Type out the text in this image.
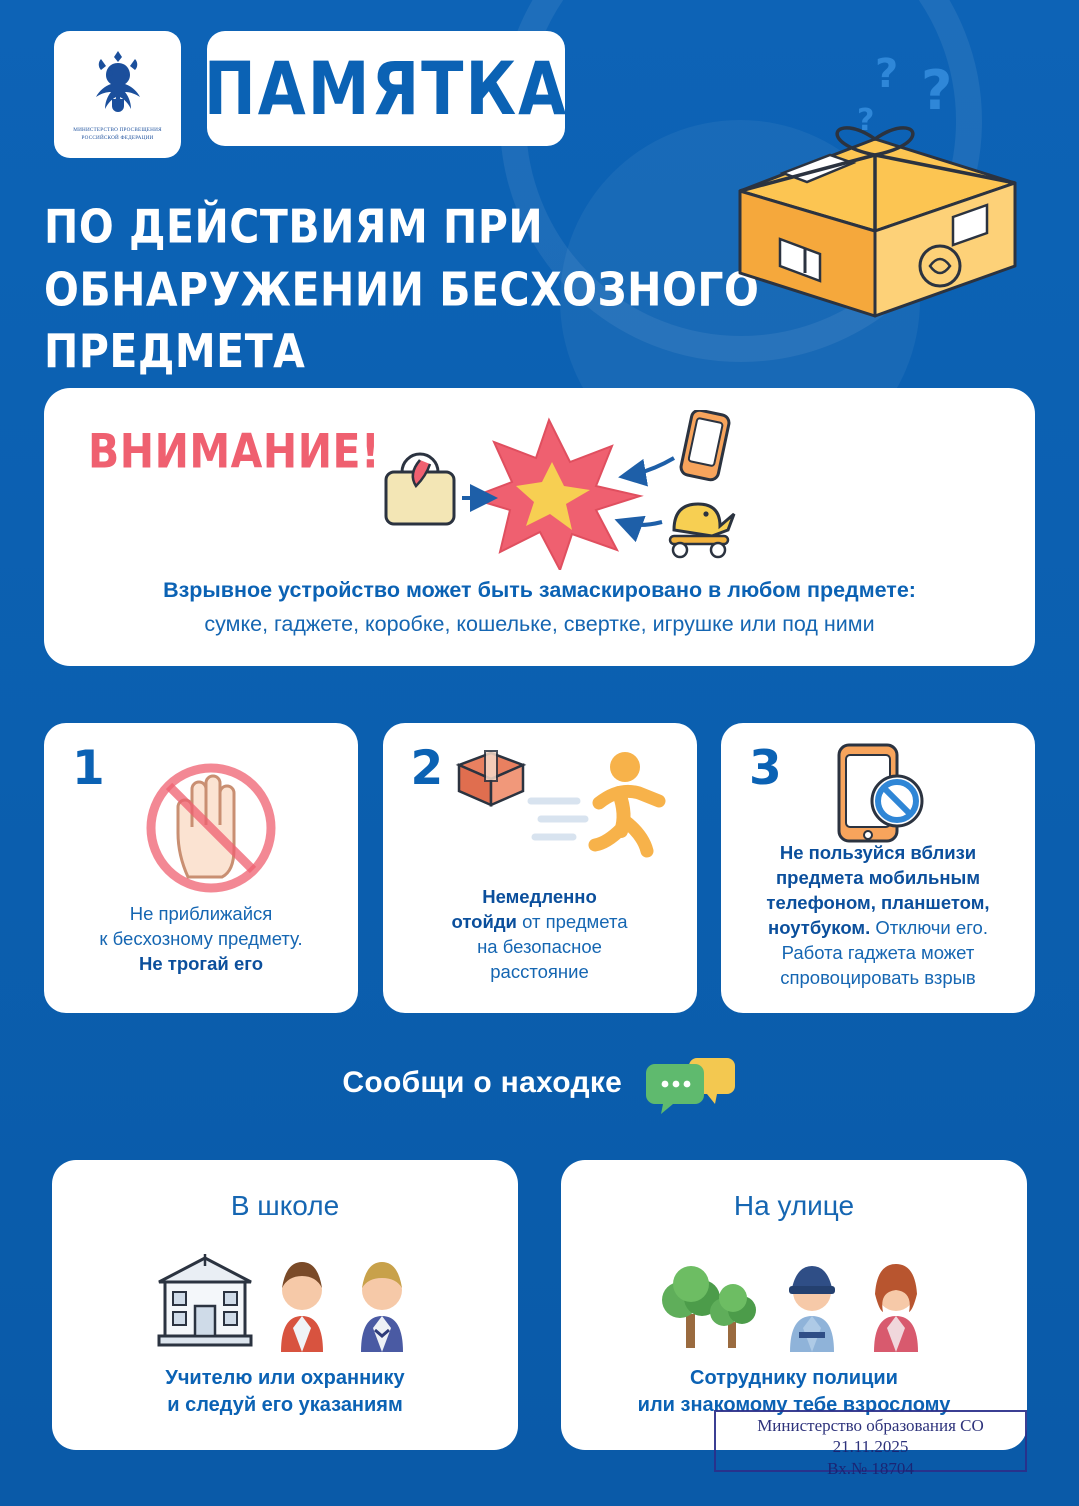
МИНИСТЕРСТВО ПРОСВЕЩЕНИЯ РОССИЙСКОЙ ФЕДЕРАЦИИ
ПАМЯТКА
ПО ДЕЙСТВИЯМ ПРИ ОБНАРУЖЕНИИ БЕСХОЗНОГО ПРЕДМЕТА
?
?
?
ВНИМАНИЕ!
Взрывное устройство может быть замаскировано в любом предмете:
сумке, гаджете, коробке, кошельке, свертке, игрушке или под ними
1
Не приближайся
к бесхозному предмету.
Не трогай его
2
Немедленно
отойди от предмета
на безопасное
расстояние
3
Не пользуйся вблизи
предмета мобильным
телефоном, планшетом,
ноутбуком. Отключи его.
Работа гаджета может
спровоцировать взрыв
Сообщи о находке
В школе
Учителю или охраннику
и следуй его указаниям
На улице
Сотруднику полиции
или знакомому тебе взрослому
Министерство образования СО
21.11.2025
Вх.№ 18704
